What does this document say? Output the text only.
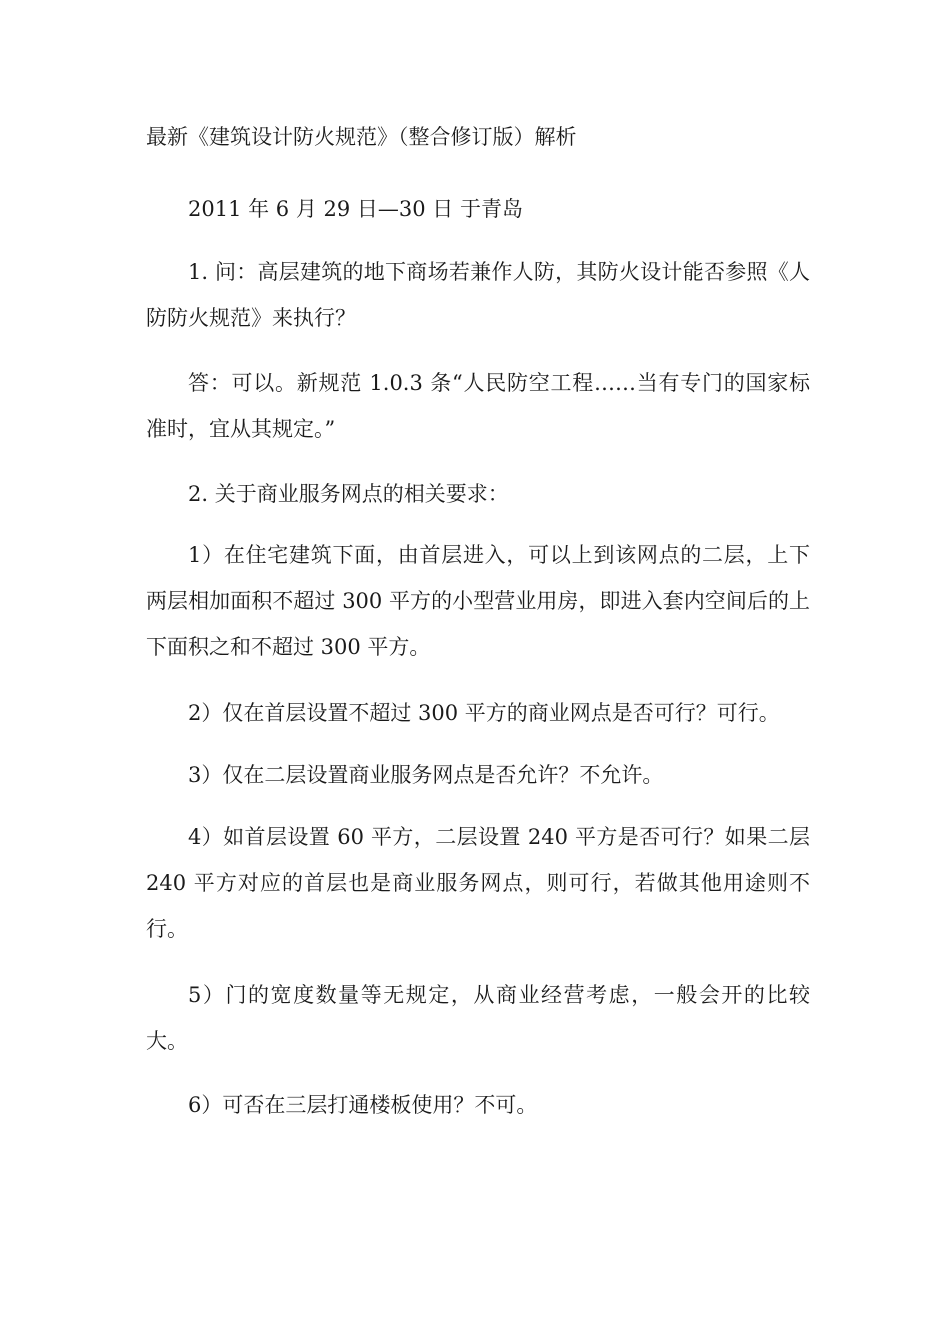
最新《建筑设计防火规范》（整合修订版）解析

2011 年 6 月 29 日—30 日 于青岛

1. 问：高层建筑的地下商场若兼作人防，其防火设计能否参照《人防防火规范》来执行？

答：可以。新规范 1.0.3 条“人民防空工程……当有专门的国家标准时，宜从其规定。”

2. 关于商业服务网点的相关要求：

1）在住宅建筑下面，由首层进入，可以上到该网点的二层，上下两层相加面积不超过 300 平方的小型营业用房，即进入套内空间后的上下面积之和不超过 300 平方。

2）仅在首层设置不超过 300 平方的商业网点是否可行？可行。

3）仅在二层设置商业服务网点是否允许？不允许。

4）如首层设置 60 平方，二层设置 240 平方是否可行？如果二层 240 平方对应的首层也是商业服务网点，则可行，若做其他用途则不行。

5）门的宽度数量等无规定，从商业经营考虑，一般会开的比较大。

6）可否在三层打通楼板使用？不可。
